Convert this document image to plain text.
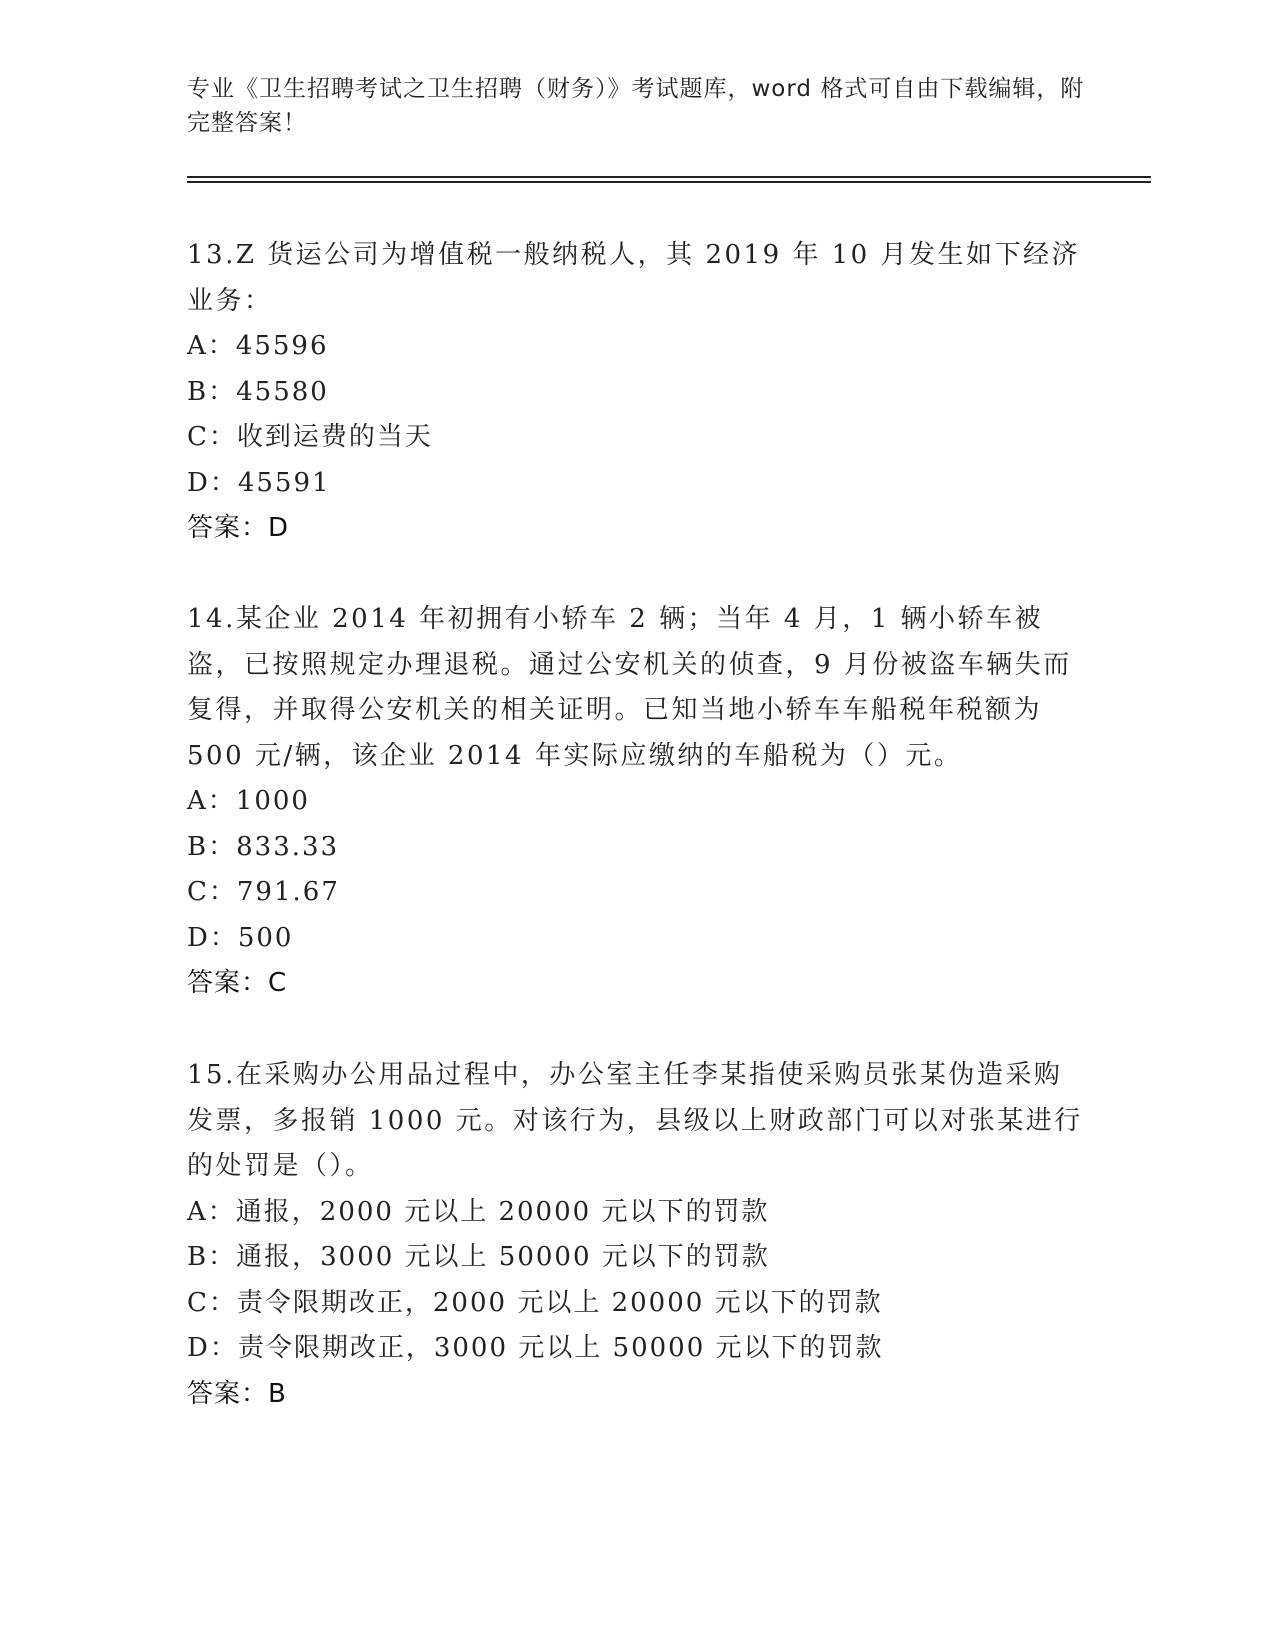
专业《卫生招聘考试之卫生招聘（财务）》考试题库，word 格式可自由下载编辑，附完整答案！

13.Z 货运公司为增值税一般纳税人，其 2019 年 10 月发生如下经济业务：

A：45596

B：45580

C：收到运费的当天

D：45591

答案：D

14.某企业 2014 年初拥有小轿车 2 辆；当年 4 月，1 辆小轿车被盗，已按照规定办理退税。通过公安机关的侦查，9 月份被盗车辆失而复得，并取得公安机关的相关证明。已知当地小轿车车船税年税额为 500 元/辆，该企业 2014 年实际应缴纳的车船税为（）元。

A：1000

B：833.33

C：791.67

D：500

答案：C

15.在采购办公用品过程中，办公室主任李某指使采购员张某伪造采购发票，多报销 1000 元。对该行为，县级以上财政部门可以对张某进行的处罚是（）。

A：通报，2000 元以上 20000 元以下的罚款

B：通报，3000 元以上 50000 元以下的罚款

C：责令限期改正，2000 元以上 20000 元以下的罚款

D：责令限期改正，3000 元以上 50000 元以下的罚款

答案：B
